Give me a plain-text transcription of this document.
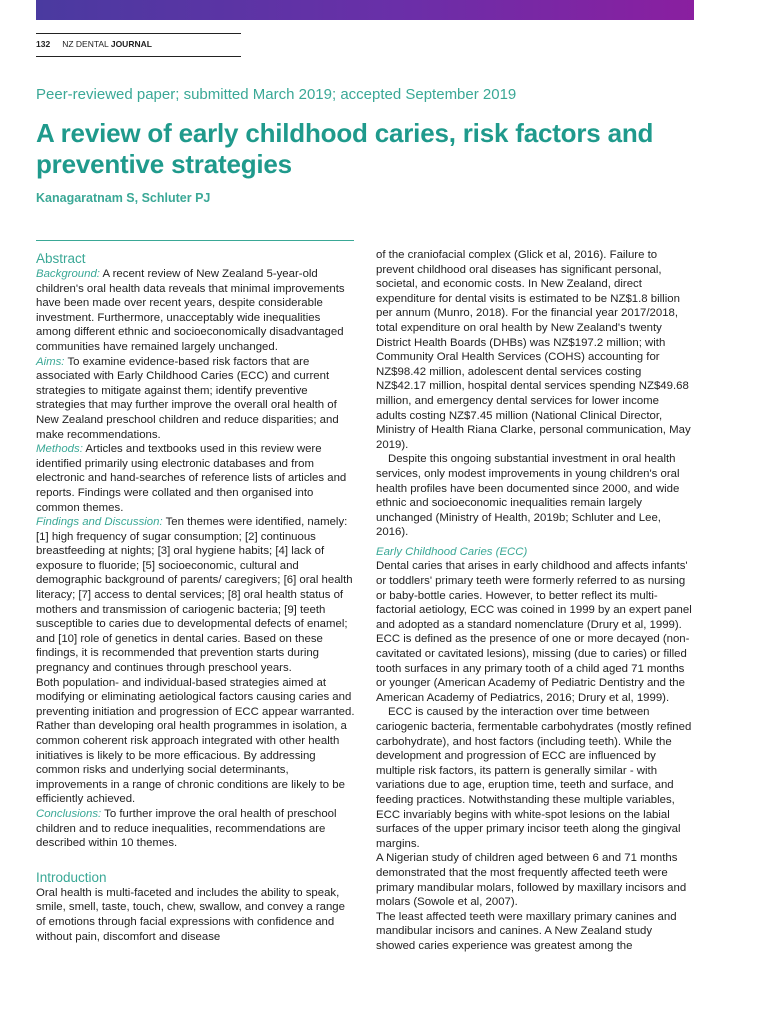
132 NZ DENTAL JOURNAL
Peer-reviewed paper; submitted March 2019; accepted September 2019
A review of early childhood caries, risk factors and preventive strategies
Kanagaratnam S, Schluter PJ
Abstract

Background: A recent review of New Zealand 5-year-old children's oral health data reveals that minimal improvements have been made over recent years, despite considerable investment. Furthermore, unacceptably wide inequalities among different ethnic and socioeconomically disadvantaged communities have remained largely unchanged.

Aims: To examine evidence-based risk factors that are associated with Early Childhood Caries (ECC) and current strategies to mitigate against them; identify preventive strategies that may further improve the overall oral health of New Zealand preschool children and reduce disparities; and make recommendations.

Methods: Articles and textbooks used in this review were identified primarily using electronic databases and from electronic and hand-searches of reference lists of articles and reports. Findings were collated and then organised into common themes.

Findings and Discussion: Ten themes were identified, namely: [1] high frequency of sugar consumption; [2] continuous breastfeeding at nights; [3] oral hygiene habits; [4] lack of exposure to fluoride; [5] socioeconomic, cultural and demographic background of parents/ caregivers; [6] oral health literacy; [7] access to dental services; [8] oral health status of mothers and transmission of cariogenic bacteria; [9] teeth susceptible to caries due to developmental defects of enamel; and [10] role of genetics in dental caries. Based on these findings, it is recommended that prevention starts during pregnancy and continues through preschool years.

Both population- and individual-based strategies aimed at modifying or eliminating aetiological factors causing caries and preventing initiation and progression of ECC appear warranted. Rather than developing oral health programmes in isolation, a common coherent risk approach integrated with other health initiatives is likely to be more efficacious. By addressing common risks and underlying social determinants, improvements in a range of chronic conditions are likely to be efficiently achieved.

Conclusions: To further improve the oral health of preschool children and to reduce inequalities, recommendations are described within 10 themes.

Introduction

Oral health is multi-faceted and includes the ability to speak, smile, smell, taste, touch, chew, swallow, and convey a range of emotions through facial expressions with confidence and without pain, discomfort and disease

of the craniofacial complex (Glick et al, 2016). Failure to prevent childhood oral diseases has significant personal, societal, and economic costs. In New Zealand, direct expenditure for dental visits is estimated to be NZ$1.8 billion per annum (Munro, 2018). For the financial year 2017/2018, total expenditure on oral health by New Zealand's twenty District Health Boards (DHBs) was NZ$197.2 million; with Community Oral Health Services (COHS) accounting for NZ$98.42 million, adolescent dental services costing NZ$42.17 million, hospital dental services spending NZ$49.68 million, and emergency dental services for lower income adults costing NZ$7.45 million (National Clinical Director, Ministry of Health Riana Clarke, personal communication, May 2019).

Despite this ongoing substantial investment in oral health services, only modest improvements in young children's oral health profiles have been documented since 2000, and wide ethnic and socioeconomic inequalities remain largely unchanged (Ministry of Health, 2019b; Schluter and Lee, 2016).

Early Childhood Caries (ECC)

Dental caries that arises in early childhood and affects infants' or toddlers' primary teeth were formerly referred to as nursing or baby-bottle caries. However, to better reflect its multi-factorial aetiology, ECC was coined in 1999 by an expert panel and adopted as a standard nomenclature (Drury et al, 1999). ECC is defined as the presence of one or more decayed (non-cavitated or cavitated lesions), missing (due to caries) or filled tooth surfaces in any primary tooth of a child aged 71 months or younger (American Academy of Pediatric Dentistry and the American Academy of Pediatrics, 2016; Drury et al, 1999).

ECC is caused by the interaction over time between cariogenic bacteria, fermentable carbohydrates (mostly refined carbohydrate), and host factors (including teeth). While the development and progression of ECC are influenced by multiple risk factors, its pattern is generally similar - with variations due to age, eruption time, teeth and surface, and feeding practices. Notwithstanding these multiple variables, ECC invariably begins with white-spot lesions on the labial surfaces of the upper primary incisor teeth along the gingival margins.

A Nigerian study of children aged between 6 and 71 months demonstrated that the most frequently affected teeth were primary mandibular molars, followed by maxillary incisors and molars (Sowole et al, 2007).

The least affected teeth were maxillary primary canines and mandibular incisors and canines. A New Zealand study showed caries experience was greatest among the
